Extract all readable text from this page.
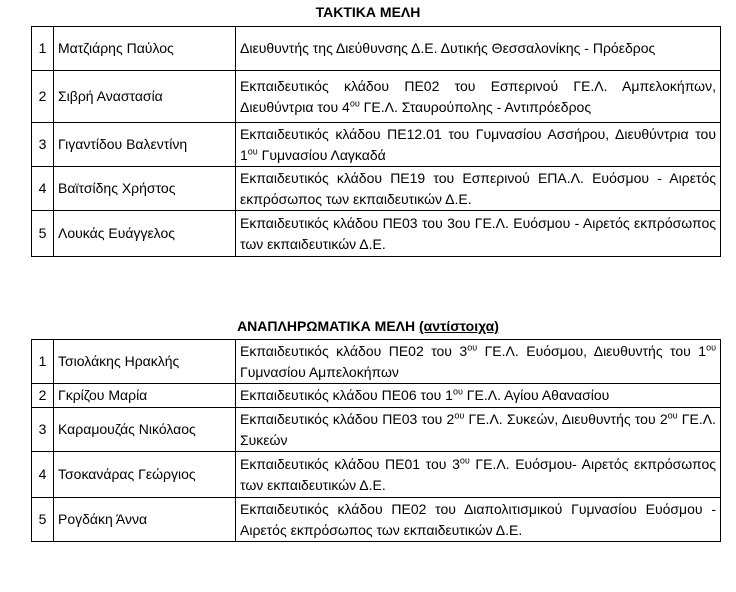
ΤΑΚΤΙΚΑ ΜΕΛΗ
1	Ματζιάρης Παύλος	Διευθυντής της Διεύθυνσης Δ.Ε. Δυτικής Θεσσαλονίκης - Πρόεδρος
2	Σιβρή Αναστασία	Εκπαιδευτικός κλάδου ΠΕ02 του Εσπερινού ΓΕ.Λ. Αμπελοκήπων, Διευθύντρια του $4^{o\upsilon}$ ΓΕ.Λ. Σταυρούπολης - Αντιπρόεδρος
3	Γιγαντίδου Βαλεντίνη	Εκπαιδευτικός κλάδου ΠΕ12.01 του Γυμνασίου Ασσήρου, Διευθύντρια του $1^{o\upsilon}$ Γυμνασίου Λαγκαδά
4	Βαϊτσίδης Χρήστος	Εκπαιδευτικός κλάδου ΠΕ19 του Εσπερινού ΕΠΑ.Λ. Ευόσμου - Αιρετός εκπρόσωπος των εκπαιδευτικών Δ.Ε.
5	Λουκάς Ευάγγελος	Εκπαιδευτικός κλάδου ΠΕ03 του 3ου ΓΕ.Λ. Ευόσμου - Αιρετός εκπρόσωπος των εκπαιδευτικών Δ.Ε.
ΑΝΑΠΛΗΡΩΜΑΤΙΚΑ ΜΕΛΗ (αντίστοιχα)
1	Τσιολάκης Ηρακλής	Εκπαιδευτικός κλάδου ΠΕ02 του $3^{o\upsilon}$ ΓΕ.Λ. Ευόσμου, Διευθυντής του $1^{o\upsilon}$ Γυμνασίου Αμπελοκήπων
2	Γκρίζου Μαρία	Εκπαιδευτικός κλάδου ΠΕ06 του $1^{o\upsilon}$ ΓΕ.Λ. Αγίου Αθανασίου
3	Καραμουζάς Νικόλαος	Εκπαιδευτικός κλάδου ΠΕ03 του $2^{o\upsilon}$ ΓΕ.Λ. Συκεών, Διευθυντής του $2^{o\upsilon}$ ΓΕ.Λ. Συκεών
4	Τσοκανάρας Γεώργιος	Εκπαιδευτικός κλάδου ΠΕ01 του $3^{o\upsilon}$ ΓΕ.Λ. Ευόσμου- Αιρετός εκπρόσωπος των εκπαιδευτικών Δ.Ε.
5	Ρογδάκη Άννα	Εκπαιδευτικός κλάδου ΠΕ02 του Διαπολιτισμικού Γυμνασίου Ευόσμου - Αιρετός εκπρόσωπος των εκπαιδευτικών Δ.Ε.
